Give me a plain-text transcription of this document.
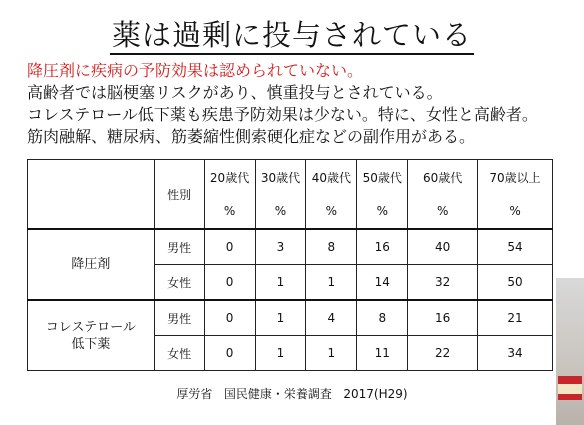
薬は過剰に投与されている
降圧剤に疾病の予防効果は認められていない。
高齢者では脳梗塞リスクがあり、慎重投与とされている。
コレステロール低下薬も疾患予防効果は少ない。特に、女性と高齢者。
筋肉融解、糖尿病、筋萎縮性側索硬化症などの副作用がある。
	性別	20歳代	30歳代	40歳代	50歳代	60歳代	70歳以上
		%	%	%	%	%	%
降圧剤	男性	0	3	8	16	40	54
	女性	0	1	1	14	32	50

コレステロール
低下薬	男性	0	1	4	8	16	21
	女性	0	1	1	11	22	34
厚労省 国民健康・栄養調査 2017(H29)
